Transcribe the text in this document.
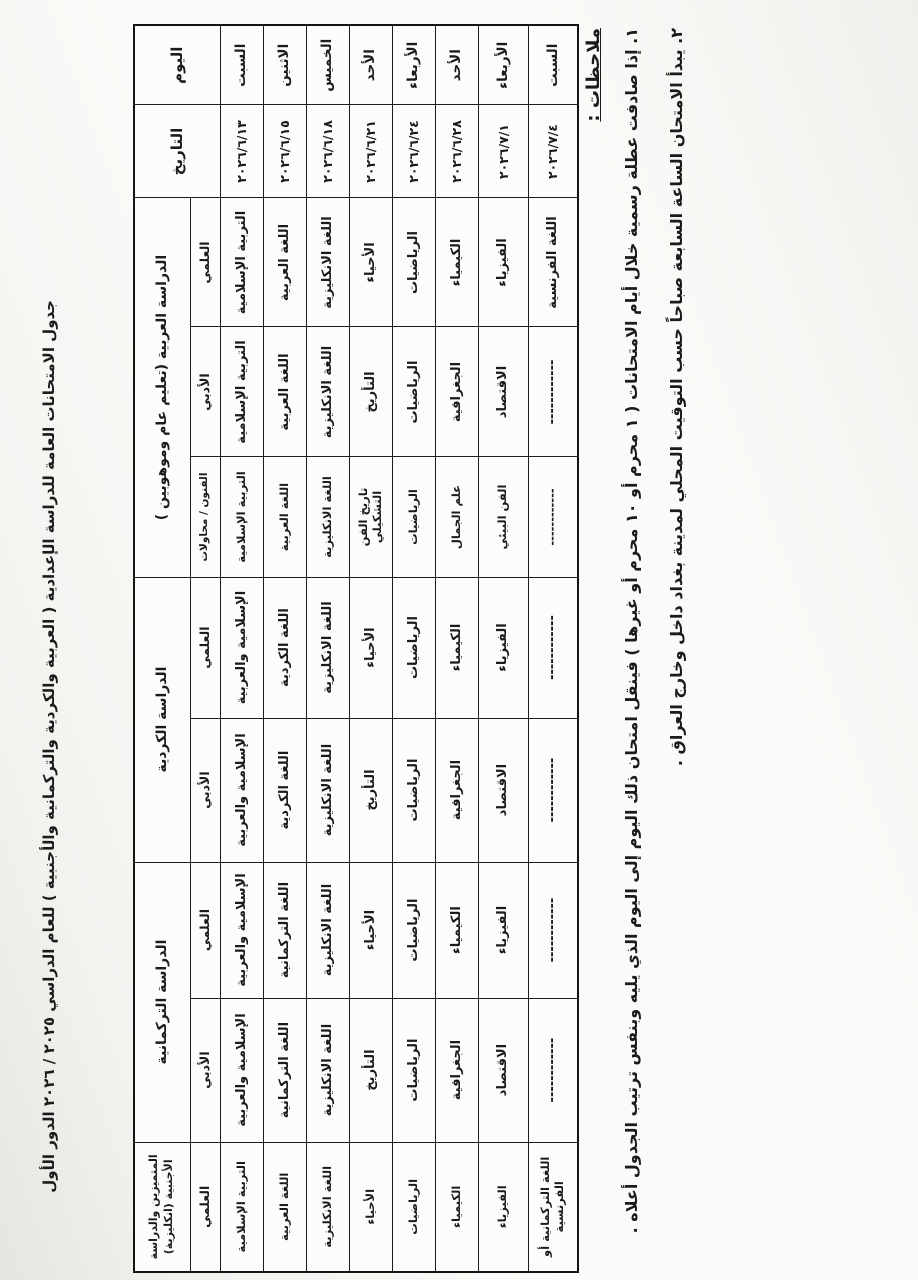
جدول الامتحانات العامة للدراسة الإعدادية ( العربية والكردية والتركمانية والأجنبية ) للعام الدراسي ٢٠٢٥ / ٢٠٢٦ الدور الأول
اليوم	التاريخ	الدراسة العربية (تعليم عام وموهوبين )			الدراسة الكردية		الدراسة التركمانية		المتميزين والدراسة الأجنبية (انكليزية)
		العلمي	الأدبي	الفنون / محاولات	العلمي	الأدبي	العلمي	الأدبي	العلمي
السبت	٢٠٢٦/٦/١٣	التربية الإسلامية	التربية الإسلامية	التربية الإسلامية	الإسلامية والعربية	الإسلامية والعربية	الإسلامية والعربية	الإسلامية والعربية	التربية الإسلامية
الاثنين	٢٠٢٦/٦/١٥	اللغة العربية	اللغة العربية	اللغة العربية	اللغة الكردية	اللغة الكردية	اللغة التركمانية	اللغة التركمانية	اللغة العربية
الخميس	٢٠٢٦/٦/١٨	اللغة الانكليزية	اللغة الانكليزية	اللغة الانكليزية	اللغة الانكليزية	اللغة الانكليزية	اللغة الانكليزية	اللغة الانكليزية	اللغة الانكليزية
الأحد	٢٠٢٦/٦/٢١	الأحياء	التأريخ	تاريخ الفن التشكيلي	الأحياء	التأريخ	الأحياء	التأريخ	الأحياء
الأربعاء	٢٠٢٦/٦/٢٤	الرياضيات	الرياضيات	الرياضيات	الرياضيات	الرياضيات	الرياضيات	الرياضيات	الرياضيات
الأحد	٢٠٢٦/٦/٢٨	الكيمياء	الجغرافية	علم الجمال	الكيمياء	الجغرافية	الكيمياء	الجغرافية	الكيمياء
الأربعاء	٢٠٢٦/٧/١	الفيزياء	الاقتصاد	الفن البيئي	الفيزياء	الاقتصاد	الفيزياء	الاقتصاد	الفيزياء
السبت	٢٠٢٦/٧/٤	اللغة الفرنسية	------------	------------	------------	------------	------------	------------	اللغة التركمانية أو الفرنسية
ملاحظات :
١. إذا صادفت عطلة رسمية خلال أيام الامتحانات ( ١ محرم أو ١٠ محرم أو غيرها ) فينقل امتحان ذلك اليوم إلى اليوم الذي يليه وبنفس ترتيب الجدول أعلاه .
٢. يبدأ الامتحان الساعة السابعة صباحاً حسب التوقيت المحلي لمدينة بغداد داخل وخارج العراق .
